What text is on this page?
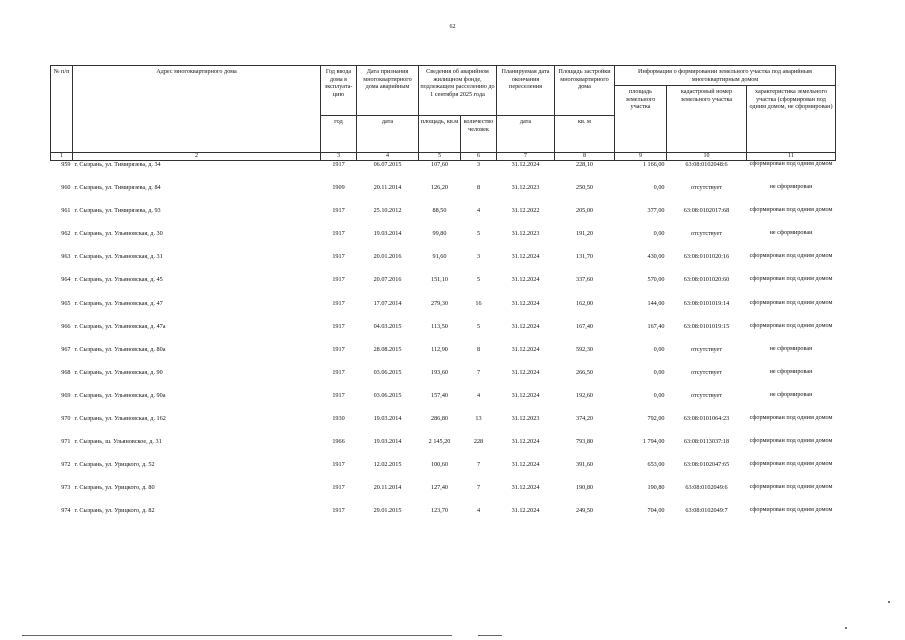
62
№ п/п	Адрес многоквартирного дома	Год ввода дома в эксплуата-цию	Дата признания многоквартирного дома аварийным	Сведения об аварийном жилищном фонде, подлежащем расселению до 1 сентября 2025 года		Планируемая дата окончания переселения	Площадь застройки многоквартирного дома	Информация о формировании земельного участка под аварийным многоквартирным домом		
								площадь земельного участка	кадастровый номер земельного участка	характеристика земельного участка (сформирован под одним домом, не сформирован)
		год	дата	площадь, кв.м	количество человек	дата	кв. м			
1	2	3	4	5	6	7	8	9	10	11
959	г. Сызрань, ул. Тимирязева, д. 34	1917	06.07.2015	107,60	3	31.12.2024	228,10	1 166,00	63:08:0102048:6	сформирован под одним домом
960	г. Сызрань, ул. Тимирязева, д. 84	1909	20.11.2014	126,20	8	31.12.2023	250,50	0,00	отсутствует	не сформирован
961	г. Сызрань, ул. Тимирязева, д. 93	1917	25.10.2012	88,50	4	31.12.2022	205,00	377,00	63:08:0102017:68	сформирован под одним домом
962	г. Сызрань, ул. Ульяновская, д. 30	1917	19.03.2014	99,80	5	31.12.2023	191,20	0,00	отсутствует	не сформирован
963	г. Сызрань, ул. Ульяновская, д. 31	1917	20.01.2016	91,60	3	31.12.2024	131,70	430,00	63:08:0101020:16	сформирован под одним домом
964	г. Сызрань, ул. Ульяновская, д. 45	1917	20.07.2016	151,10	5	31.12.2024	337,60	570,00	63:08:0101020:60	сформирован под одним домом
965	г. Сызрань, ул. Ульяновская, д. 47	1917	17.07.2014	279,30	16	31.12.2024	162,00	144,00	63:08:0101019:14	сформирован под одним домом
966	г. Сызрань, ул. Ульяновская, д. 47а	1917	04.03.2015	113,50	5	31.12.2024	167,40	167,40	63:08:0101019:15	сформирован под одним домом
967	г. Сызрань, ул. Ульяновская, д. 80а	1917	28.08.2015	112,90	8	31.12.2024	592,30	0,00	отсутствует	не сформирован
968	г. Сызрань, ул. Ульяновская, д. 90	1917	03.06.2015	193,60	7	31.12.2024	266,50	0,00	отсутствует	не сформирован
969	г. Сызрань, ул. Ульяновская, д. 90а	1917	03.06.2015	157,40	4	31.12.2024	192,60	0,00	отсутствует	не сформирован
970	г. Сызрань, ул. Ульяновская, д. 162	1930	19.03.2014	286,80	13	31.12.2023	374,20	792,00	63:08:0101064:23	сформирован под одним домом
971	г. Сызрань, ш. Ульяновское, д. 31	1966	19.03.2014	2 145,20	228	31.12.2024	793,80	1 794,00	63:08:0113037:18	сформирован под одним домом
972	г. Сызрань, ул. Урицкого, д. 52	1917	12.02.2015	100,60	7	31.12.2024	391,60	653,00	63:08:0102047:65	сформирован под одним домом
973	г. Сызрань, ул. Урицкого, д. 80	1917	20.11.2014	127,40	7	31.12.2024	190,80	190,80	63:08:0102049:6	сформирован под одним домом
974	г. Сызрань, ул. Урицкого, д. 82	1917	29.01.2015	123,70	4	31.12.2024	249,50	704,00	63:08:0102049:7	сформирован под одним домом
